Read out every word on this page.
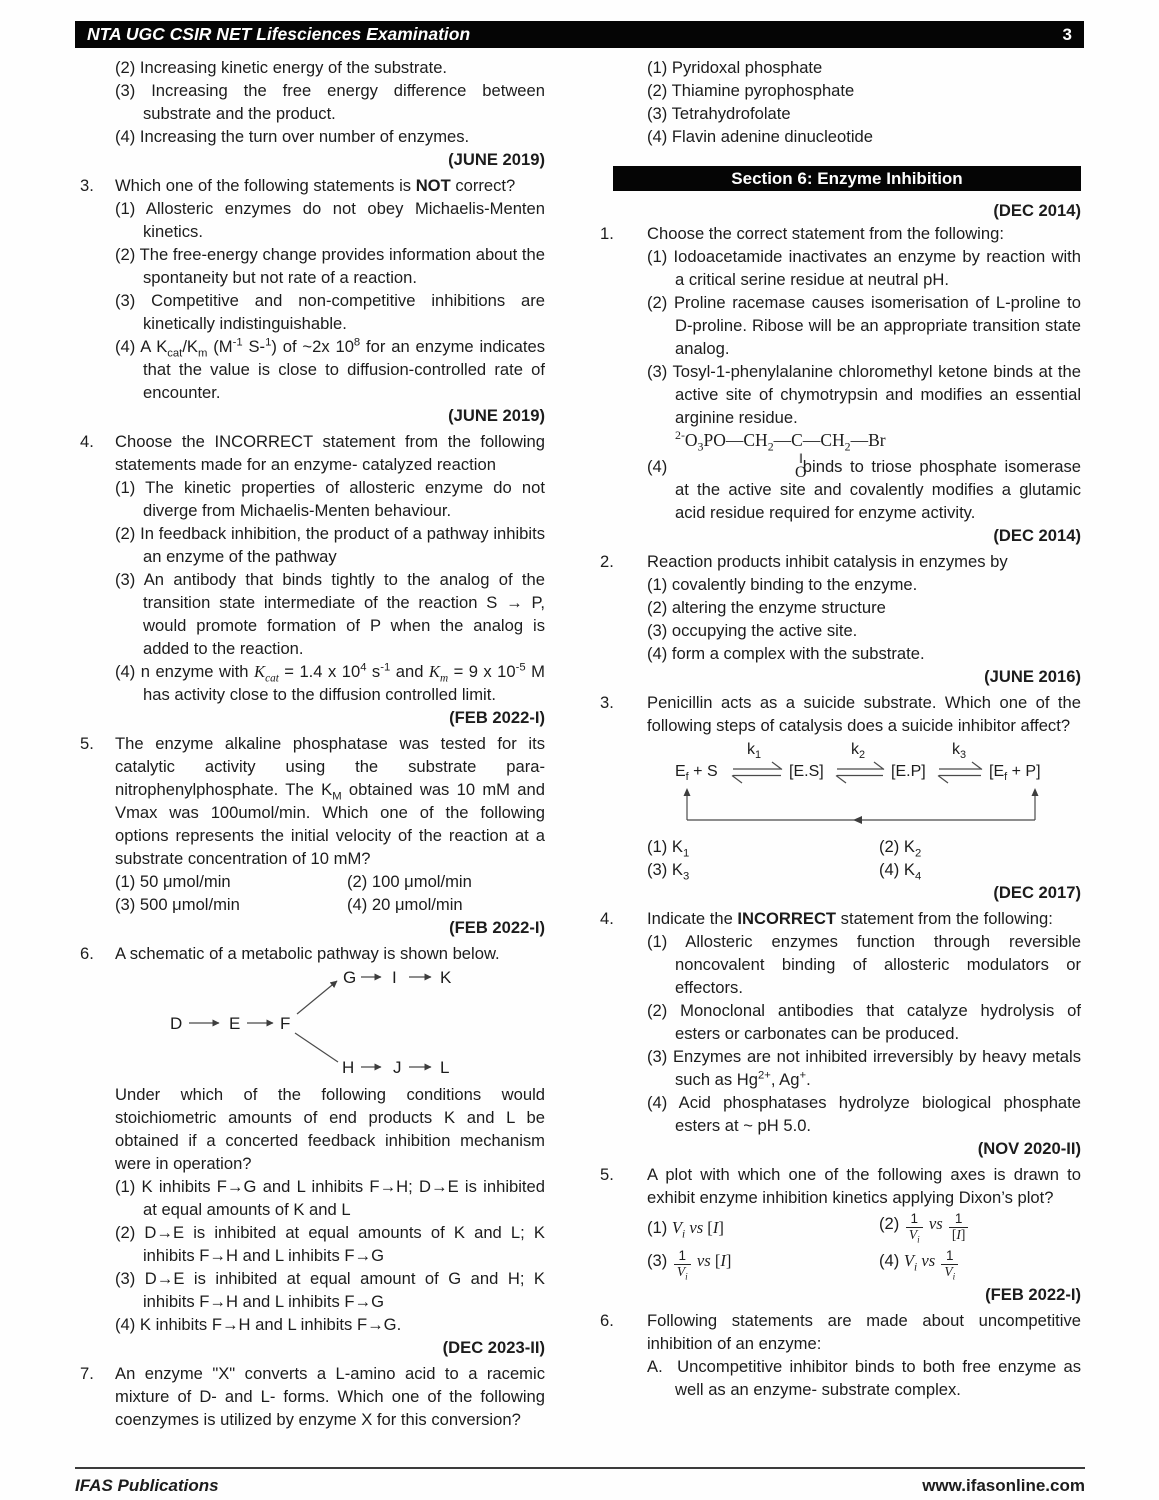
NTA UGC CSIR NET Lifesciences Examination	3
(2) Increasing kinetic energy of the substrate.
(3) Increasing the free energy difference between substrate and the product.
(4) Increasing the turn over number of enzymes.
(JUNE 2019)
3. Which one of the following statements is NOT correct?
(1) Allosteric enzymes do not obey Michaelis-Menten kinetics.
(2) The free-energy change provides information about the spontaneity but not rate of a reaction.
(3) Competitive and non-competitive inhibitions are kinetically indistinguishable.
(4) A $K_{cat}/K_m$ ($M^{-1}$ S-$^1$) of ~2x $10^8$ for an enzyme indicates that the value is close to diffusion-controlled rate of encounter.
(JUNE 2019)
4. Choose the INCORRECT statement from the following statements made for an enzyme- catalyzed reaction
(1) The kinetic properties of allosteric enzyme do not diverge from Michaelis-Menten behaviour.
(2) In feedback inhibition, the product of a pathway inhibits an enzyme of the pathway
(3) An antibody that binds tightly to the analog of the transition state intermediate of the reaction S → P, would promote formation of P when the analog is added to the reaction.
(4) n enzyme with $K_{cat} = 1.4$ x $10^4$ $s^{-1}$ and $K_m = 9$ x $10^{-5}$ M has activity close to the diffusion controlled limit.
(FEB 2022-I)
5. The enzyme alkaline phosphatase was tested for its catalytic activity using the substrate para-nitrophenylphosphate. The $K_M$ obtained was 10 mM and Vmax was 100umol/min. Which one of the following options represents the initial velocity of the reaction at a substrate concentration of 10 mM?
(1) 50 μmol/min	(2) 100 μmol/min
(3) 500 μmol/min	(4) 20 μmol/min
(FEB 2022-I)
6. A schematic of a metabolic pathway is shown below.
G I	K
D	E F
H J L
Under which of the following conditions would stoichiometric amounts of end products K and L be obtained if a concerted feedback inhibition mechanism were in operation?
(1) K inhibits F→G and L inhibits F→H; D→E is inhibited at equal amounts of K and L
(2) D→E is inhibited at equal amounts of K and L; K inhibits F→H and L inhibits F→G
(3) D→E is inhibited at equal amount of G and H; K inhibits F→H and L inhibits F→G
(4) K inhibits F→H and L inhibits F→G.
(DEC 2023-II)
7. An enzyme "X" converts a L-amino acid to a racemic mixture of D- and L- forms. Which one of the following coenzymes is utilized by enzyme X for this conversion?
(1) Pyridoxal phosphate
(2) Thiamine pyrophosphate
(3) Tetrahydrofolate
(4) Flavin adenine dinucleotide
Section 6: Enzyme Inhibition
(DEC 2014)
1. Choose the correct statement from the following:
(1) Iodoacetamide inactivates an enzyme by reaction with a critical serine residue at neutral pH.
(2) Proline racemase causes isomerisation of L-proline to D-proline. Ribose will be an appropriate transition state analog.
(3) Tosyl-1-phenylalanine chloromethyl ketone binds at the active site of chymotrypsin and modifies an essential arginine residue.
$^{2-}O_3PO—CH_2—C—CH_2—Br$
‖
O
(4)	binds to triose phosphate isomerase at the active site and covalently modifies a glutamic acid residue required for enzyme activity.
(DEC 2014)
2. Reaction products inhibit catalysis in enzymes by
(1) covalently binding to the enzyme.
(2) altering the enzyme structure
(3) occupying the active site.
(4) form a complex with the substrate.
(JUNE 2016)
3. Penicillin acts as a suicide substrate. Which one of the following steps of catalysis does a suicide inhibitor affect?
$k_1$	$k_2$	$k_3$
$E_f + S$	[E.S]	[E.P]	$[E_f + P]$
(1) $K_1$	(2) $K_2$
(3) $K_3$	(4) $K_4$
(DEC 2017)
4. Indicate the INCORRECT statement from the following:
(1) Allosteric enzymes function through reversible noncovalent binding of allosteric modulators or effectors.
(2) Monoclonal antibodies that catalyze hydrolysis of esters or carbonates can be produced.
(3) Enzymes are not inhibited irreversibly by heavy metals such as $Hg^{2+}$, Ag+.
(4) Acid phosphatases hydrolyze biological phosphate esters at ~ pH 5.0.
(NOV 2020-II)
5. A plot with which one of the following axes is drawn to exhibit enzyme inhibition kinetics applying Dixon’s plot?
(1) $V_i$ vs [I]	$(2) \frac{1}{V_i}$ vs $\frac{1}{[I]}$
$(3) \frac{1}{V_i}$ vs [I]	(4) $V_i$ vs $\frac{1}{V_i}$
(FEB 2022-I)
6. Following statements are made about uncompetitive inhibition of an enzyme:
A. Uncompetitive inhibitor binds to both free enzyme as well as an enzyme- substrate complex.
IFAS Publications	www.ifasonline.com
